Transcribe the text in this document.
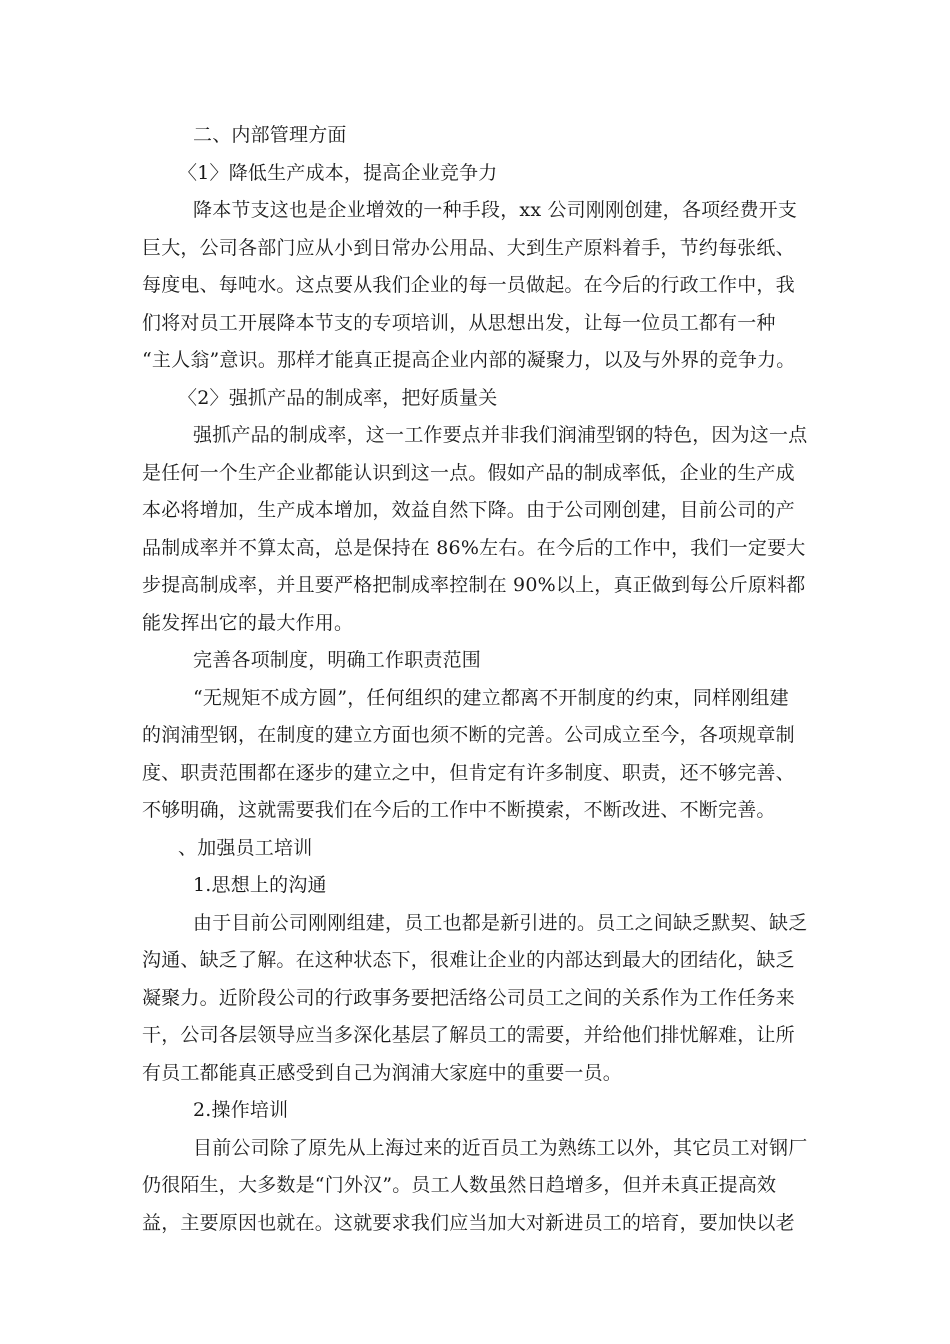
二、内部管理方面
〈1〉降低生产成本，提高企业竞争力
降本节支这也是企业增效的一种手段，xx 公司刚刚创建，各项经费开支
巨大，公司各部门应从小到日常办公用品、大到生产原料着手，节约每张纸、
每度电、每吨水。这点要从我们企业的每一员做起。在今后的行政工作中，我
们将对员工开展降本节支的专项培训，从思想出发，让每一位员工都有一种
“主人翁”意识。那样才能真正提高企业内部的凝聚力，以及与外界的竞争力。
〈2〉强抓产品的制成率，把好质量关
强抓产品的制成率，这一工作要点并非我们润浦型钢的特色，因为这一点
是任何一个生产企业都能认识到这一点。假如产品的制成率低，企业的生产成
本必将增加，生产成本增加，效益自然下降。由于公司刚创建，目前公司的产
品制成率并不算太高，总是保持在 86%左右。在今后的工作中，我们一定要大
步提高制成率，并且要严格把制成率控制在 90%以上，真正做到每公斤原料都
能发挥出它的最大作用。
完善各项制度，明确工作职责范围
“无规矩不成方圆”，任何组织的建立都离不开制度的约束，同样刚组建
的润浦型钢，在制度的建立方面也须不断的完善。公司成立至今，各项规章制
度、职责范围都在逐步的建立之中，但肯定有许多制度、职责，还不够完善、
不够明确，这就需要我们在今后的工作中不断摸索，不断改进、不断完善。
、加强员工培训
1.思想上的沟通
由于目前公司刚刚组建，员工也都是新引进的。员工之间缺乏默契、缺乏
沟通、缺乏了解。在这种状态下，很难让企业的内部达到最大的团结化，缺乏
凝聚力。近阶段公司的行政事务要把活络公司员工之间的关系作为工作任务来
干，公司各层领导应当多深化基层了解员工的需要，并给他们排忧解难，让所
有员工都能真正感受到自己为润浦大家庭中的重要一员。
2.操作培训
目前公司除了原先从上海过来的近百员工为熟练工以外，其它员工对钢厂
仍很陌生，大多数是“门外汉”。员工人数虽然日趋增多，但并未真正提高效
益，主要原因也就在。这就要求我们应当加大对新进员工的培育，要加快以老
